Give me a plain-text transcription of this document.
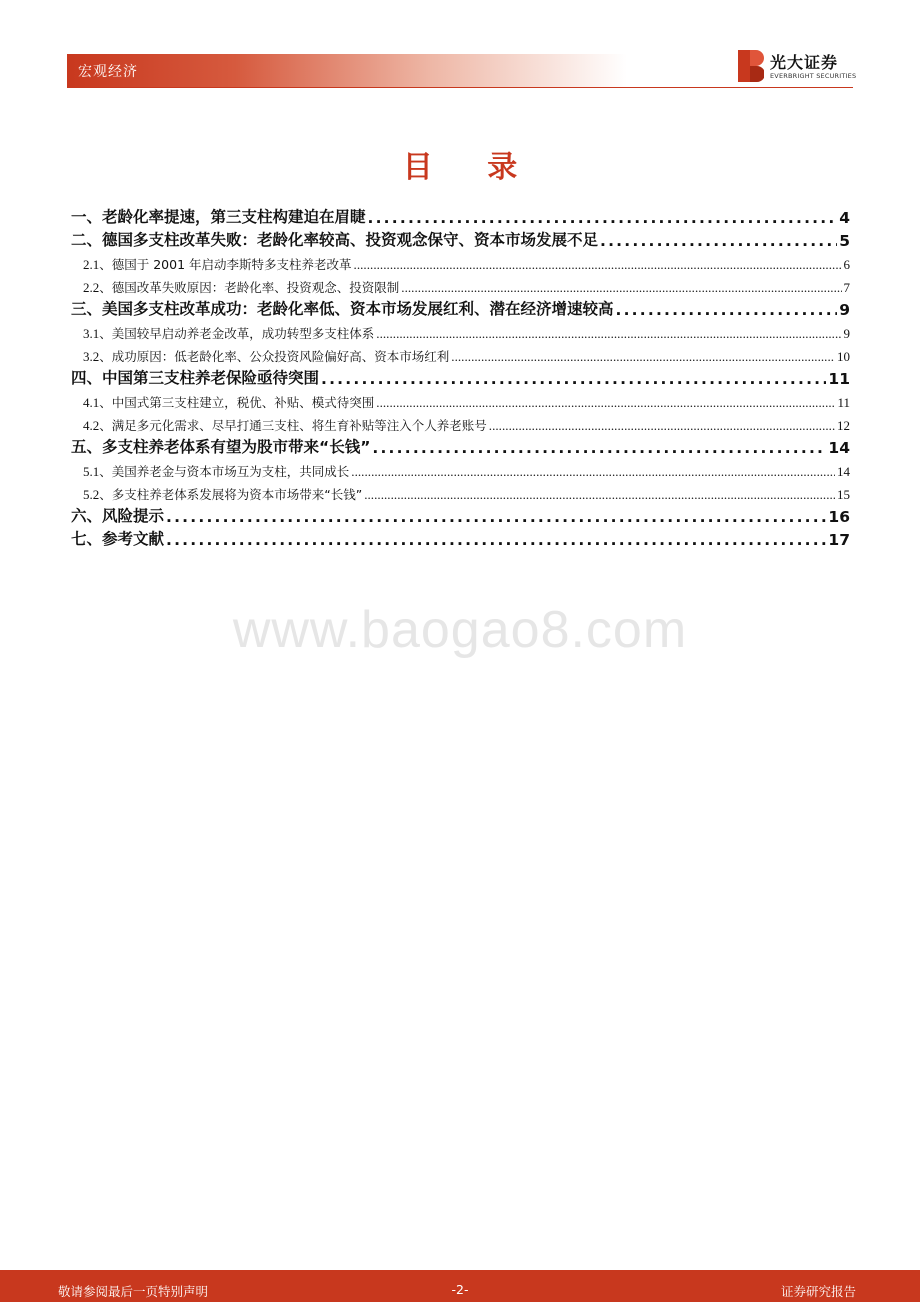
宏观经济	光大证券
EVERBRIGHT SECURITIES
目 录
一、老龄化率提速，第三支柱构建迫在眉睫 . . .	4
二、德国多支柱改革失败：老龄化率较高、投资观念保守、资本市场发展不足 . . .	5
2.1、德国于 2001 年启动李斯特多支柱养老改革 . . .	6
2.2、德国改革失败原因：老龄化率、投资观念、投资限制 . . .	7
三、美国多支柱改革成功：老龄化率低、资本市场发展红利、潜在经济增速较高 . . .	9
3.1、美国较早启动养老金改革，成功转型多支柱体系 . . .	9
3.2、成功原因：低老龄化率、公众投资风险偏好高、资本市场红利 . . .	10
四、中国第三支柱养老保险亟待突围 . . .	11
4.1、中国式第三支柱建立，税优、补贴、模式待突围 . . .	11
4.2、满足多元化需求、尽早打通三支柱、将生育补贴等注入个人养老账号 . . .	12
五、多支柱养老体系有望为股市带来“长钱” . . .	14
5.1、美国养老金与资本市场互为支柱，共同成长 . . .	14
5.2、多支柱养老体系发展将为资本市场带来“长钱” . . .	15
六、风险提示 . . .	16
七、参考文献 . . .	17
www.baogao8.com
敬请参阅最后一页特别声明	-2-	证券研究报告
